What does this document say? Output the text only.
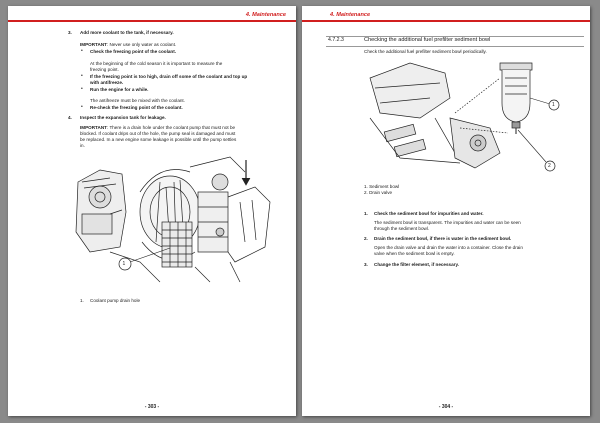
4. Maintenance
3. Add more coolant to the tank, if necessary.
IMPORTANT: Never use only water as coolant.
• Check the freezing point of the coolant.
At the beginning of the cold season it is important to measure the
freezing point.
• If the freezing point is too high, drain off some of the coolant and top up
with antifreeze.
• Run the engine for a while.
The antifreeze must be mixed with the coolant.
• Re-check the freezing point of the coolant.
4. Inspect the expansion tank for leakage.
IMPORTANT: There is a drain hole under the coolant pump that must not be
blocked. If coolant drips out of the hole, the pump seal is damaged and must
be replaced. In a new engine some leakage is possible until the pump settles
in.
1
1. Coolant pump drain hole
- 303 -
4. Maintenance
4.7.2.3	Checking the additional fuel prefilter sediment bowl
Check the additional fuel prefilter sediment bowl periodically.
1
2
1. Sediment bowl
2. Drain valve
1. Check the sediment bowl for impurities and water.
The sediment bowl is transparent. The impurities and water can be seen
through the sediment bowl.
2. Drain the sediment bowl, if there is water in the sediment bowl.
Open the drain valve and drain the water into a container. Close the drain
valve when the sediment bowl is empty.
3. Change the filter element, if necessary.
- 304 -
